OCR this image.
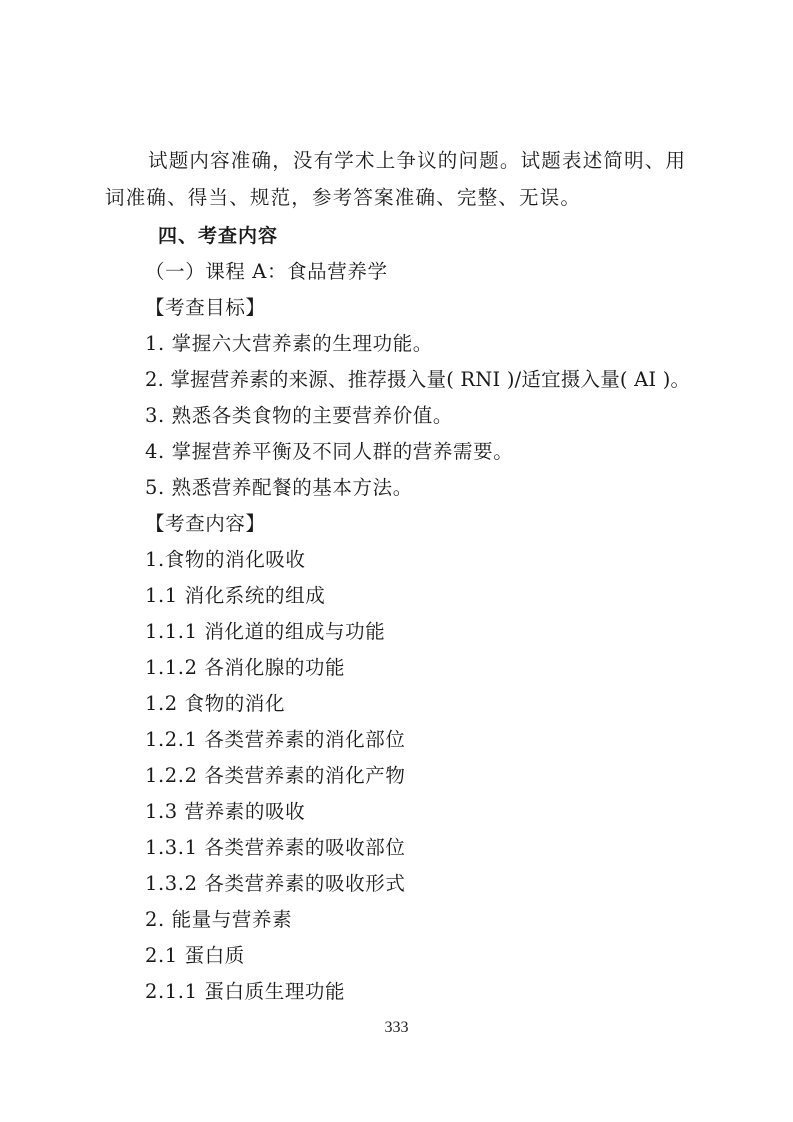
试题内容准确，没有学术上争议的问题。试题表述简明、用
词准确、得当、规范，参考答案准确、完整、无误。
四、考查内容
（一）课程 A：食品营养学
【考查目标】
1. 掌握六大营养素的生理功能。
2. 掌握营养素的来源、推荐摄入量( RNI )/适宜摄入量( AI )。
3. 熟悉各类食物的主要营养价值。
4. 掌握营养平衡及不同人群的营养需要。
5. 熟悉营养配餐的基本方法。
【考查内容】
1.食物的消化吸收
1.1 消化系统的组成
1.1.1 消化道的组成与功能
1.1.2 各消化腺的功能
1.2 食物的消化
1.2.1 各类营养素的消化部位
1.2.2 各类营养素的消化产物
1.3 营养素的吸收
1.3.1 各类营养素的吸收部位
1.3.2 各类营养素的吸收形式
2. 能量与营养素
2.1 蛋白质
2.1.1 蛋白质生理功能
333
